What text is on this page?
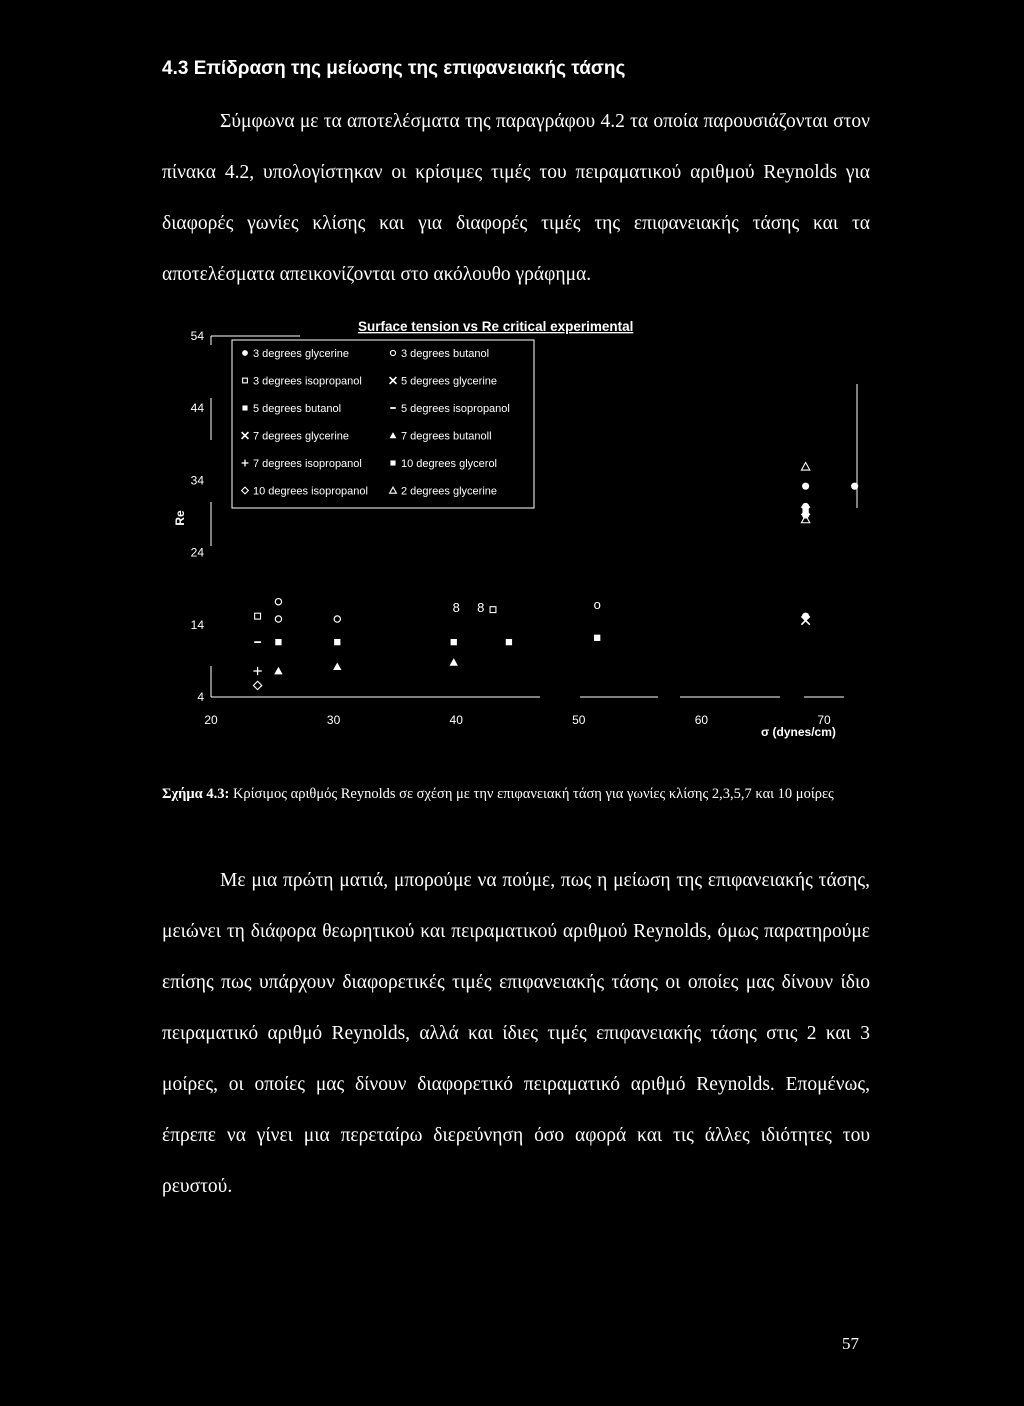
4.3 Επίδραση της μείωσης της επιφανειακής τάσης

Σύμφωνα με τα αποτελέσματα της παραγράφου 4.2 τα οποία παρουσιάζονται στον πίνακα 4.2, υπολογίστηκαν οι κρίσιμες τιμές του πειραματικού αριθμού Reynolds για διαφορές γωνίες κλίσης και για διαφορές τιμές της επιφανειακής τάσης και τα αποτελέσματα απεικονίζονται στο ακόλουθο γράφημα.

20	30	40	50	60	70
4
14
24
34
44
54
8 8	o
3 degrees glycerine	3 degrees butanol
3 degrees isopropanol	5 degrees glycerine
5 degrees butanol	5 degrees isopropanol
7 degrees glycerine	7 degrees butanoll
7 degrees isopropanol	10 degrees glycerol
10 degrees isopropanol	2 degrees glycerine
Surface tension vs Re critical experimental
σ (dynes/cm)
Re

Σχήμα 4.3: Κρίσιμος αριθμός Reynolds σε σχέση με την επιφανειακή τάση για γωνίες κλίσης 2,3,5,7 και 10 μοίρες

Με μια πρώτη ματιά, μπορούμε να πούμε, πως η μείωση της επιφανειακής τάσης, μειώνει τη διάφορα θεωρητικού και πειραματικού αριθμού Reynolds, όμως παρατηρούμε επίσης πως υπάρχουν διαφορετικές τιμές επιφανειακής τάσης οι οποίες μας δίνουν ίδιο πειραματικό αριθμό Reynolds, αλλά και ίδιες τιμές επιφανειακής τάσης στις 2 και 3 μοίρες, οι οποίες μας δίνουν διαφορετικό πειραματικό αριθμό Reynolds. Επομένως, έπρεπε να γίνει μια περεταίρω διερεύνηση όσο αφορά και τις άλλες ιδιότητες του ρευστού.

57
